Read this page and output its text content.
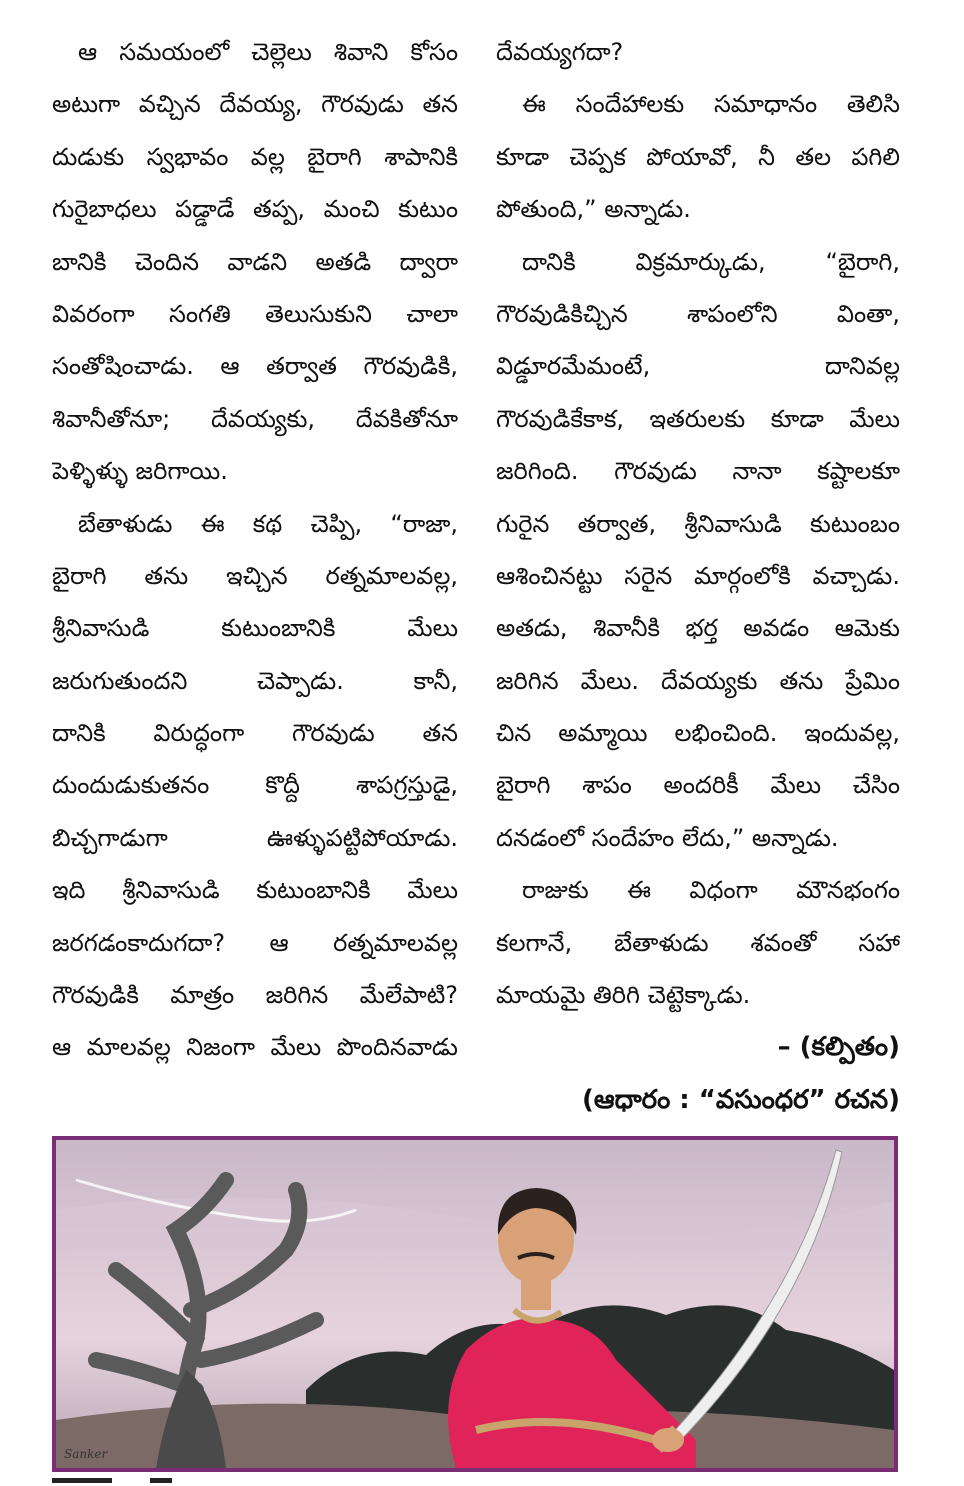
ఆ సమయంలో చెల్లెలు శివాని కోసం
అటుగా వచ్చిన దేవయ్య, గౌరవుడు తన
దుడుకు స్వభావం వల్ల బైరాగి శాపానికి
గురైబాధలు పడ్డాడే తప్ప, మంచి కుటుం
బానికి చెందిన వాడని అతడి ద్వారా
వివరంగా సంగతి తెలుసుకుని చాలా
సంతోషించాడు. ఆ తర్వాత గౌరవుడికి,
శివానీతోనూ; దేవయ్యకు, దేవకితోనూ
పెళ్ళిళ్ళు జరిగాయి.
బేతాళుడు ఈ కథ చెప్పి, “రాజా,
బైరాగి తను ఇచ్చిన రత్నమాలవల్ల,
శ్రీనివాసుడి కుటుంబానికి మేలు
జరుగుతుందని చెప్పాడు. కానీ,
దానికి విరుద్ధంగా గౌరవుడు తన
దుందుడుకుతనం కొద్దీ శాపగ్రస్తుడై,
బిచ్చగాడుగా ఊళ్ళుపట్టిపోయాడు.
ఇది శ్రీనివాసుడి కుటుంబానికి మేలు
జరగడంకాదుగదా? ఆ రత్నమాలవల్ల
గౌరవుడికి మాత్రం జరిగిన మేలేపాటి?
ఆ మాలవల్ల నిజంగా మేలు పొందినవాడు
దేవయ్యగదా?
ఈ సందేహాలకు సమాధానం తెలిసి
కూడా చెప్పక పోయావో, నీ తల పగిలి
పోతుంది,” అన్నాడు.
దానికి విక్రమార్కుడు, “బైరాగి,
గౌరవుడికిచ్చిన శాపంలోని వింతా,
విడ్డూరమేమంటే, దానివల్ల
గౌరవుడికేకాక, ఇతరులకు కూడా మేలు
జరిగింది. గౌరవుడు నానా కష్టాలకూ
గురైన తర్వాత, శ్రీనివాసుడి కుటుంబం
ఆశించినట్టు సరైన మార్గంలోకి వచ్చాడు.
అతడు, శివానీకి భర్త అవడం ఆమెకు
జరిగిన మేలు. దేవయ్యకు తను ప్రేమిం
చిన అమ్మాయి లభించింది. ఇందువల్ల,
బైరాగి శాపం అందరికీ మేలు చేసిం
దనడంలో సందేహం లేదు,” అన్నాడు.
రాజుకు ఈ విధంగా మౌనభంగం
కలగానే, బేతాళుడు శవంతో సహా
మాయమై తిరిగి చెట్టెక్కాడు.
– (కల్పితం)
(ఆధారం : “వసుంధర” రచన)
Sanker
